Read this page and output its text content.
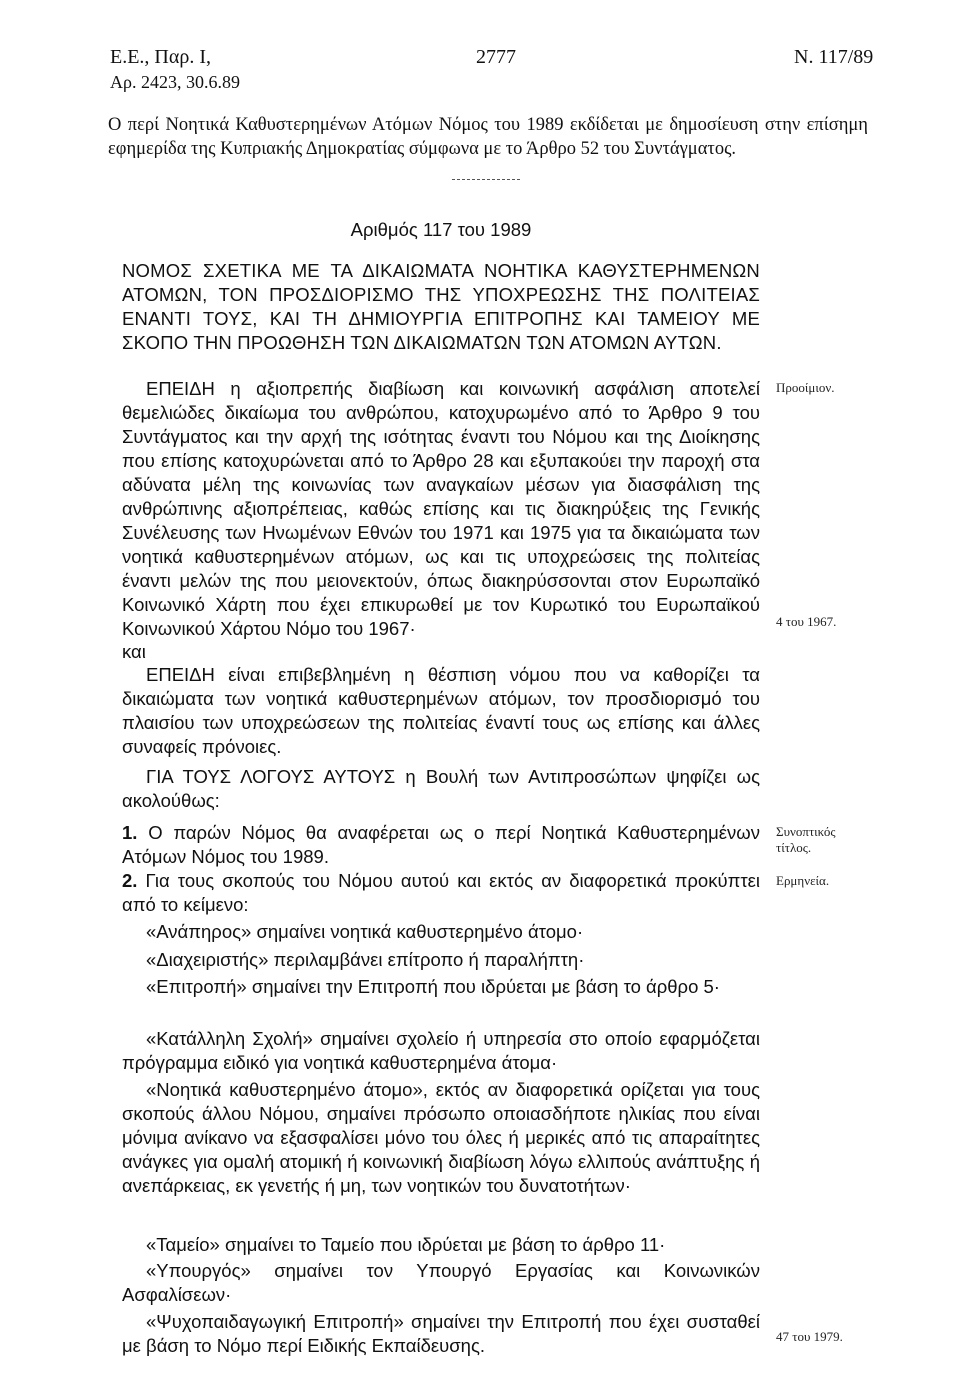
Ε.Ε., Παρ. Ι,
Αρ. 2423, 30.6.89
2777	Ν. 117/89
Ο περί Νοητικά Καθυστερημένων Ατόμων Νόμος του 1989 εκδίδεται με δημοσίευση στην επίσημη εφημερίδα της Κυπριακής Δημοκρατίας σύμφωνα με το Άρθρο 52 του Συντάγματος.
Αριθμός 117 του 1989
ΝΟΜΟΣ ΣΧΕΤΙΚΑ ΜΕ ΤΑ ΔΙΚΑΙΩΜΑΤΑ ΝΟΗΤΙΚΑ ΚΑΘΥΣΤΕΡΗΜΕΝΩΝ ΑΤΟΜΩΝ, ΤΟΝ ΠΡΟΣΔΙΟΡΙΣΜΟ ΤΗΣ ΥΠΟΧΡΕΩΣΗΣ ΤΗΣ ΠΟΛΙΤΕΙΑΣ ΕΝΑΝΤΙ ΤΟΥΣ, ΚΑΙ ΤΗ ΔΗΜΙΟΥΡΓΙΑ ΕΠΙΤΡΟΠΗΣ ΚΑΙ ΤΑΜΕΙΟΥ ΜΕ ΣΚΟΠΟ ΤΗΝ ΠΡΟΩΘΗΣΗ ΤΩΝ ΔΙΚΑΙΩΜΑΤΩΝ ΤΩΝ ΑΤΟΜΩΝ ΑΥΤΩΝ.
ΕΠΕΙΔΗ η αξιοπρεπής διαβίωση και κοινωνική ασφάλιση αποτελεί θεμελιώδες δικαίωμα του ανθρώπου, κατοχυρωμένο από το Άρθρο 9 του Συντάγματος και την αρχή της ισότητας έναντι του Νόμου και της Διοίκησης που επίσης κατοχυρώνεται από το Άρθρο 28 και εξυπακούει την παροχή στα αδύνατα μέλη της κοινωνίας των αναγκαίων μέσων για διασφάλιση της ανθρώπινης αξιοπρέπειας, καθώς επίσης και τις διακηρύξεις της Γενικής Συνέλευσης των Ηνωμένων Εθνών του 1971 και 1975 για τα δικαιώματα των νοητικά καθυστερημένων ατόμων, ως και τις υποχρεώσεις της πολιτείας έναντι μελών της που μειονεκτούν, όπως διακηρύσσονται στον Ευρωπαϊκό Κοινωνικό Χάρτη που έχει επικυρωθεί με τον Κυρωτικό του Ευρωπαϊκού Κοινωνικού Χάρτου Νόμο του 1967·
και
ΕΠΕΙΔΗ είναι επιβεβλημένη η θέσπιση νόμου που να καθορίζει τα δικαιώματα των νοητικά καθυστερημένων ατόμων, τον προσδιορισμό του πλαισίου των υποχρεώσεων της πολιτείας έναντί τους ως επίσης και άλλες συναφείς πρόνοιες.
ΓΙΑ ΤΟΥΣ ΛΟΓΟΥΣ ΑΥΤΟΥΣ η Βουλή των Αντιπροσώπων ψηφίζει ως ακολούθως:
1. Ο παρών Νόμος θα αναφέρεται ως ο περί Νοητικά Καθυστερημένων Ατόμων Νόμος του 1989.
2. Για τους σκοπούς του Νόμου αυτού και εκτός αν διαφορετικά προκύπτει από το κείμενο:
«Ανάπηρος» σημαίνει νοητικά καθυστερημένο άτομο·
«Διαχειριστής» περιλαμβάνει επίτροπο ή παραλήπτη·
«Επιτροπή» σημαίνει την Επιτροπή που ιδρύεται με βάση το άρθρο 5·
«Κατάλληλη Σχολή» σημαίνει σχολείο ή υπηρεσία στο οποίο εφαρμόζεται πρόγραμμα ειδικό για νοητικά καθυστερημένα άτομα·
«Νοητικά καθυστερημένο άτομο», εκτός αν διαφορετικά ορίζεται για τους σκοπούς άλλου Νόμου, σημαίνει πρόσωπο οποιασδήποτε ηλικίας που είναι μόνιμα ανίκανο να εξασφαλίσει μόνο του όλες ή μερικές από τις απαραίτητες ανάγκες για ομαλή ατομική ή κοινωνική διαβίωση λόγω ελλιπούς ανάπτυξης ή ανεπάρκειας, εκ γενετής ή μη, των νοητικών του δυνατοτήτων·
«Ταμείο» σημαίνει το Ταμείο που ιδρύεται με βάση το άρθρο 11·
«Υπουργός» σημαίνει τον Υπουργό Εργασίας και Κοινωνικών Ασφαλίσεων·
«Ψυχοπαιδαγωγική Επιτροπή» σημαίνει την Επιτροπή που έχει συσταθεί με βάση το Νόμο περί Ειδικής Εκπαίδευσης.
Προοίμιον.
4 του 1967.
Συνοπτικός τίτλος.
Ερμηνεία.
47 του 1979.
